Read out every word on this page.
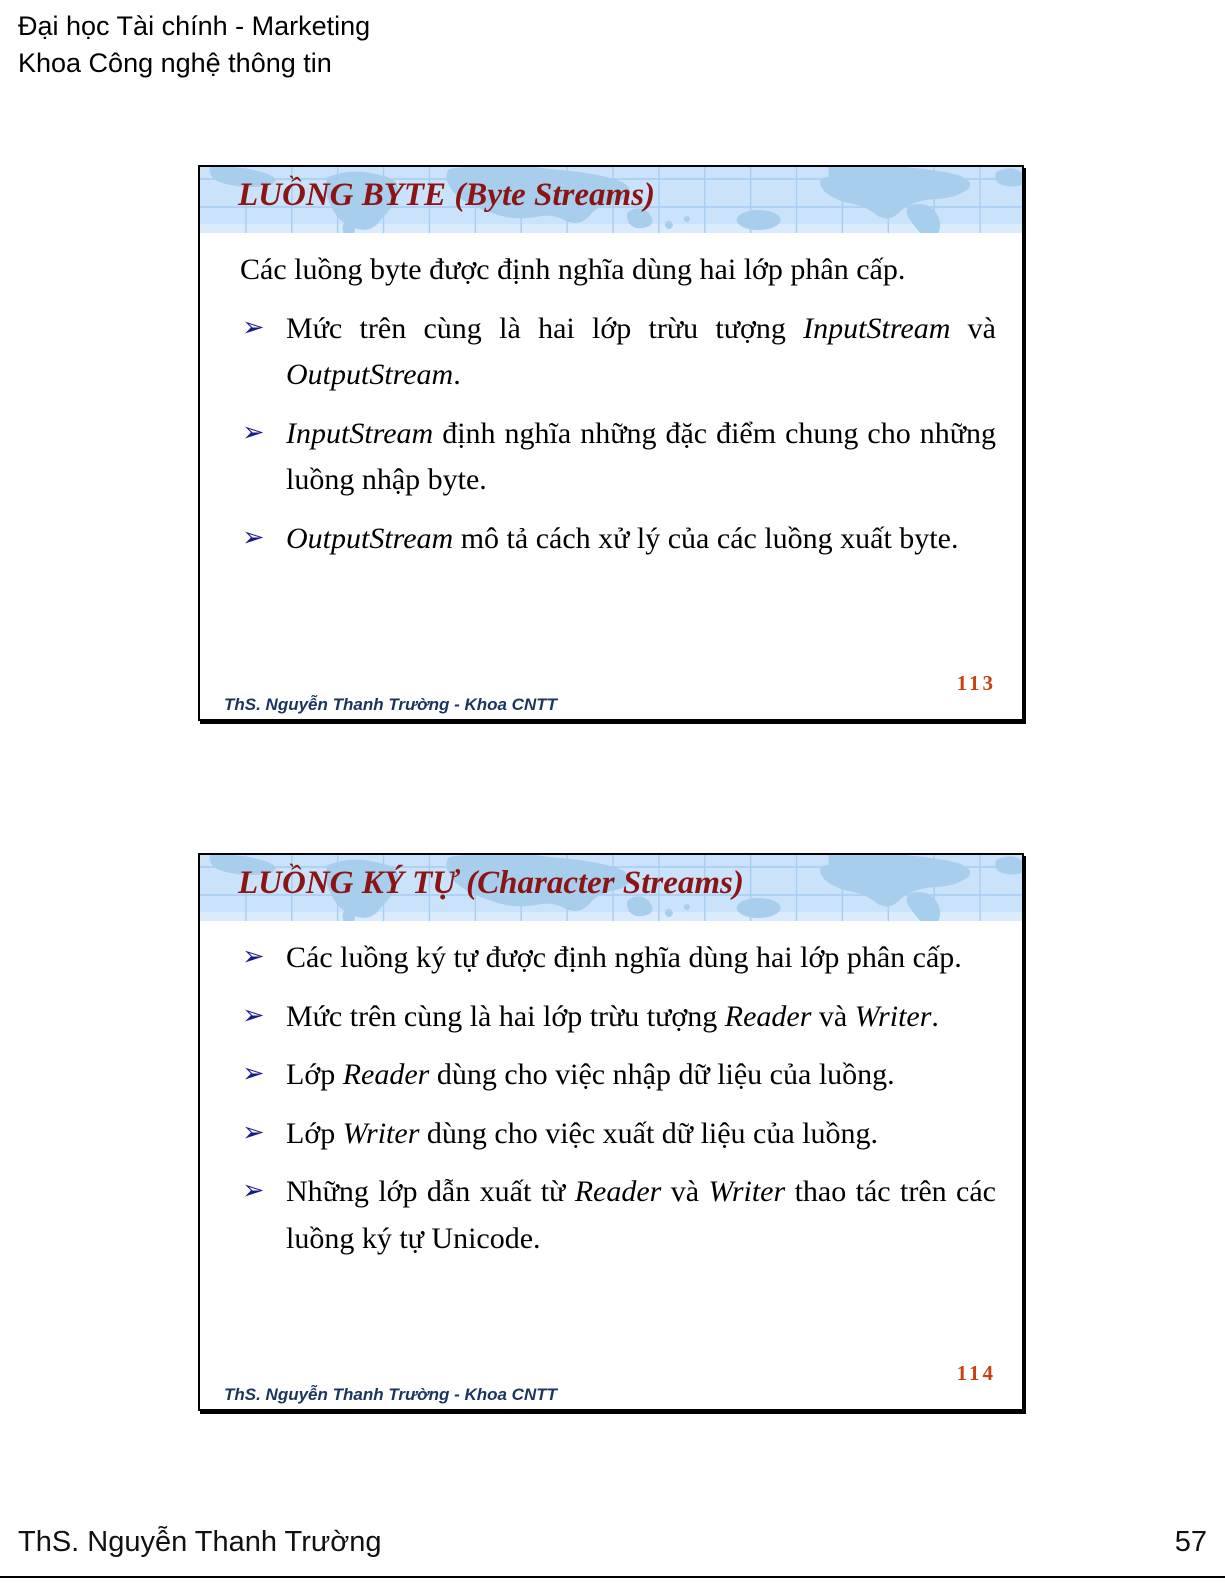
Đại học Tài chính - Marketing
Khoa Công nghệ thông tin
LUỒNG BYTE (Byte Streams)

Các luồng byte được định nghĩa dùng hai lớp phân cấp.

➢ Mức trên cùng là hai lớp trừu tượng InputStream và OutputStream.
➢ InputStream định nghĩa những đặc điểm chung cho những luồng nhập byte.
➢ OutputStream mô tả cách xử lý của các luồng xuất byte.
ThS. Nguyễn Thanh Trường - Khoa CNTT
113
LUỒNG KÝ TỰ (Character Streams)
➢ Các luồng ký tự được định nghĩa dùng hai lớp phân cấp.
➢ Mức trên cùng là hai lớp trừu tượng Reader và Writer.
➢ Lớp Reader dùng cho việc nhập dữ liệu của luồng.
➢ Lớp Writer dùng cho việc xuất dữ liệu của luồng.
➢ Những lớp dẫn xuất từ Reader và Writer thao tác trên các luồng ký tự Unicode.
ThS. Nguyễn Thanh Trường - Khoa CNTT
114
ThS. Nguyễn Thanh Trường	57
